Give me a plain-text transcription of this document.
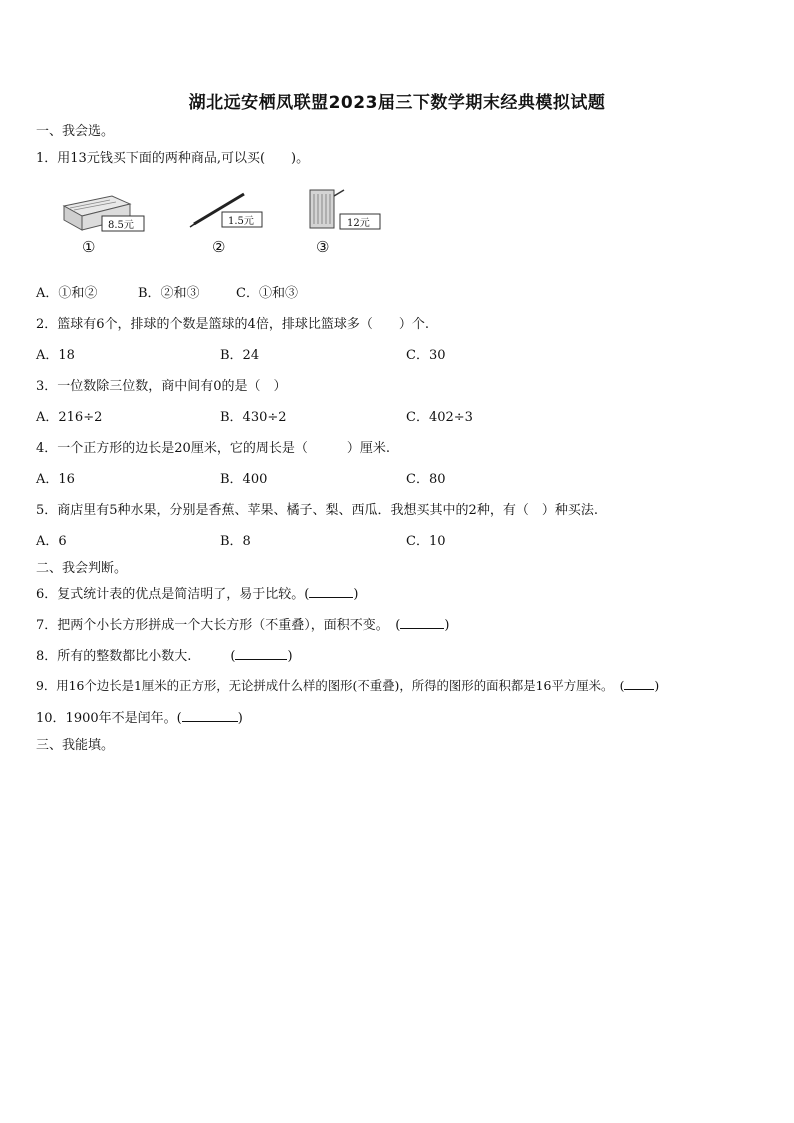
湖北远安栖凤联盟2023届三下数学期末经典模拟试题
一、我会选。
1．用13元钱买下面的两种商品,可以买(　　)。
8.5元
①
1.5元
②
12元
③
A．①和②	B．②和③	C．①和③
2．篮球有6个，排球的个数是篮球的4倍，排球比篮球多（　　）个.
A．18	B．24	C．30
3．一位数除三位数，商中间有0的是（　）
A．216÷2	B．430÷2	C．402÷3
4．一个正方形的边长是20厘米，它的周长是（　　　）厘米.
A．16	B．400	C．80
5．商店里有5种水果，分别是香蕉、苹果、橘子、梨、西瓜．我想买其中的2种，有（　）种买法.
A．6	B．8	C．10
二、我会判断。
6．复式统计表的优点是简洁明了，易于比较。(	)
7．把两个小长方形拼成一个大长方形（不重叠），面积不变。　(	)
8．所有的整数都比小数大.　　　(	)
9．用16个边长是1厘米的正方形，无论拼成什么样的图形(不重叠)，所得的图形的面积都是16平方厘米。　( )
10．1900年不是闰年。(	)
三、我能填。
